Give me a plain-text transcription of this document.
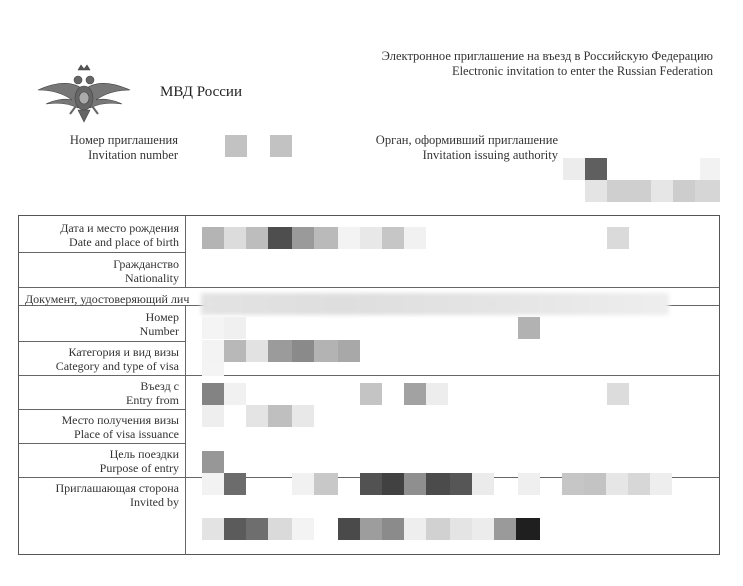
Электронное приглашение на въезд в Российскую Федерацию
Electronic invitation to enter the Russian Federation
МВД России
Номер приглашения
Invitation number
Орган, оформивший приглашение
Invitation issuing authority
Дата и место рождения
Date and place of birth
Гражданство
Nationality
Документ, удостоверяющий лич
Номер
Number
Категория и вид визы
Category and type of visa
Въезд с
Entry from
Место получения визы
Place of visa issuance
Цель поездки
Purpose of entry
Приглашающая сторона
Invited by
